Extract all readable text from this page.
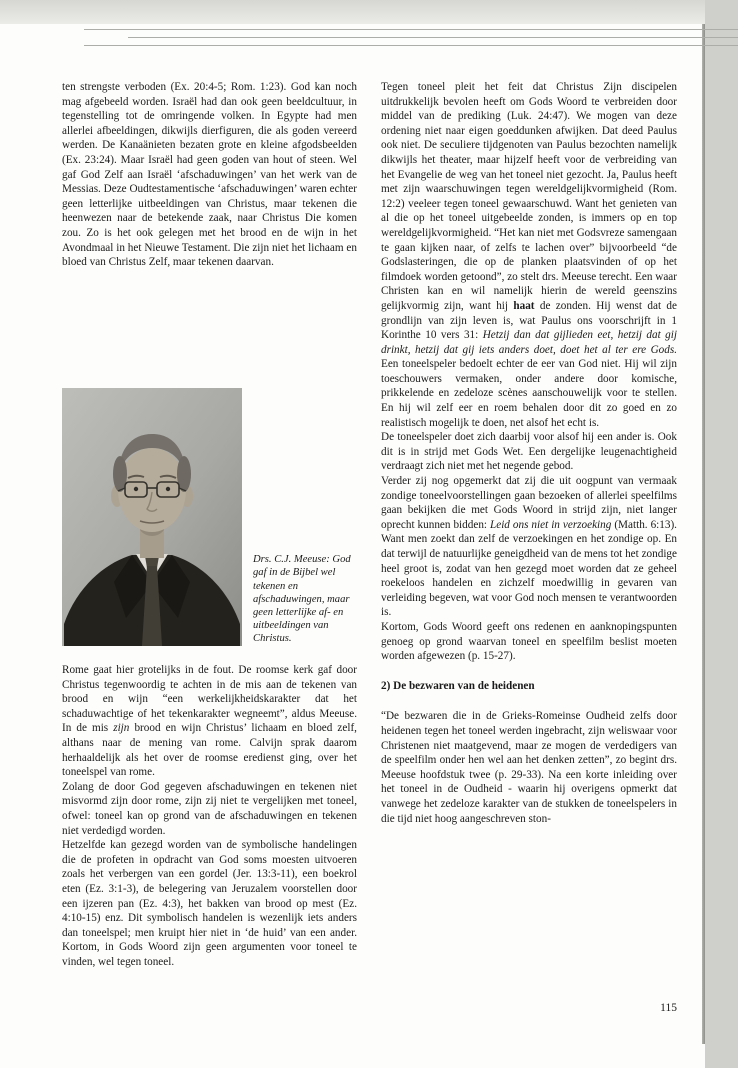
ten strengste verboden (Ex. 20:4-5; Rom. 1:23). God kan noch mag afgebeeld worden. Israël had dan ook geen beeldcultuur, in tegenstelling tot de omringende volken. In Egypte had men allerlei afbeeldingen, dikwijls dierfiguren, die als goden vereerd werden. De Kanaänieten bezaten grote en kleine afgodsbeelden (Ex. 23:24). Maar Israël had geen goden van hout of steen. Wel gaf God Zelf aan Israël ‘afschaduwingen’ van het werk van de Messias. Deze Oudtestamentische ‘afschaduwingen’ waren echter geen letterlijke uitbeeldingen van Christus, maar tekenen die heenwezen naar de betekende zaak, naar Christus Die komen zou. Zo is het ook gelegen met het brood en de wijn in het Avondmaal in het Nieuwe Testament. Die zijn niet het lichaam en bloed van Christus Zelf, maar tekenen daarvan.

Drs. C.J. Meeuse: God gaf in de Bijbel wel tekenen en afschaduwingen, maar geen letterlijke af- en uitbeeldingen van Christus.

Rome gaat hier grotelijks in de fout. De roomse kerk gaf door Christus tegenwoordig te achten in de mis aan de tekenen van brood en wijn “een werkelijkheidskarakter dat het schaduwachtige of het tekenkarakter wegneemt”, aldus Meeuse. In de mis zijn brood en wijn Christus’ lichaam en bloed zelf, althans naar de mening van rome. Calvijn sprak daarom herhaaldelijk als het over de roomse eredienst ging, over het toneelspel van rome.

Zolang de door God gegeven afschaduwingen en tekenen niet misvormd zijn door rome, zijn zij niet te vergelijken met toneel, ofwel: toneel kan op grond van de afschaduwingen en tekenen niet verdedigd worden.

Hetzelfde kan gezegd worden van de symbolische handelingen die de profeten in opdracht van God soms moesten uitvoeren zoals het verbergen van een gordel (Jer. 13:3-11), een boekrol eten (Ez. 3:1-3), de belegering van Jeruzalem voorstellen door een ijzeren pan (Ez. 4:3), het bakken van brood op mest (Ez. 4:10-15) enz. Dit symbolisch handelen is wezenlijk iets anders dan toneelspel; men kruipt hier niet in ‘de huid’ van een ander. Kortom, in Gods Woord zijn geen argumenten voor toneel te vinden, wel tegen toneel.

Tegen toneel pleit het feit dat Christus Zijn discipelen uitdrukkelijk bevolen heeft om Gods Woord te verbreiden door middel van de prediking (Luk. 24:47). We mogen van deze ordening niet naar eigen goeddunken afwijken. Dat deed Paulus ook niet. De seculiere tijdgenoten van Paulus bezochten namelijk dikwijls het theater, maar hijzelf heeft voor de verbreiding van het Evangelie de weg van het toneel niet gezocht. Ja, Paulus heeft met zijn waarschuwingen tegen wereldgelijkvormigheid (Rom. 12:2) veeleer tegen toneel gewaarschuwd. Want het genieten van al die op het toneel uitgebeelde zonden, is immers op en top wereldgelijkvormigheid. “Het kan niet met Godsvreze samengaan te gaan kijken naar, of zelfs te lachen over” bijvoorbeeld “de Godslasteringen, die op de planken plaatsvinden of op het filmdoek worden getoond”, zo stelt drs. Meeuse terecht. Een waar Christen kan en wil namelijk hierin de wereld geenszins gelijkvormig zijn, want hij haat de zonden. Hij wenst dat de grondlijn van zijn leven is, wat Paulus ons voorschrijft in 1 Korinthe 10 vers 31: Hetzij dan dat gijlieden eet, hetzij dat gij drinkt, hetzij dat gij iets anders doet, doet het al ter ere Gods. Een toneelspeler bedoelt echter de eer van God niet. Hij wil zijn toeschouwers vermaken, onder andere door komische, prikkelende en zedeloze scènes aanschouwelijk voor te stellen. En hij wil zelf eer en roem behalen door dit zo goed en zo realistisch mogelijk te doen, net alsof het echt is.

De toneelspeler doet zich daarbij voor alsof hij een ander is. Ook dit is in strijd met Gods Wet. Een dergelijke leugenachtigheid verdraagt zich niet met het negende gebod.

Verder zij nog opgemerkt dat zij die uit oogpunt van vermaak zondige toneelvoorstellingen gaan bezoeken of allerlei speelfilms gaan bekijken die met Gods Woord in strijd zijn, niet langer oprecht kunnen bidden: Leid ons niet in verzoeking (Matth. 6:13). Want men zoekt dan zelf de verzoekingen en het zondige op. En dat terwijl de natuurlijke geneigdheid van de mens tot het zondige heel groot is, zodat van hen gezegd moet worden dat ze geheel roekeloos handelen en zichzelf moedwillig in gevaren van verleiding begeven, wat voor God noch mensen te verantwoorden is.

Kortom, Gods Woord geeft ons redenen en aanknopingspunten genoeg op grond waarvan toneel en speelfilm beslist moeten worden afgewezen (p. 15-27).

2) De bezwaren van de heidenen

“De bezwaren die in de Grieks-Romeinse Oudheid zelfs door heidenen tegen het toneel werden ingebracht, zijn weliswaar voor Christenen niet maatgevend, maar ze mogen de verdedigers van de speelfilm onder hen wel aan het denken zetten”, zo begint drs. Meeuse hoofdstuk twee (p. 29-33). Na een korte inleiding over het toneel in de Oudheid - waarin hij overigens opmerkt dat vanwege het zedeloze karakter van de stukken de toneelspelers in die tijd niet hoog aangeschreven ston-

115
